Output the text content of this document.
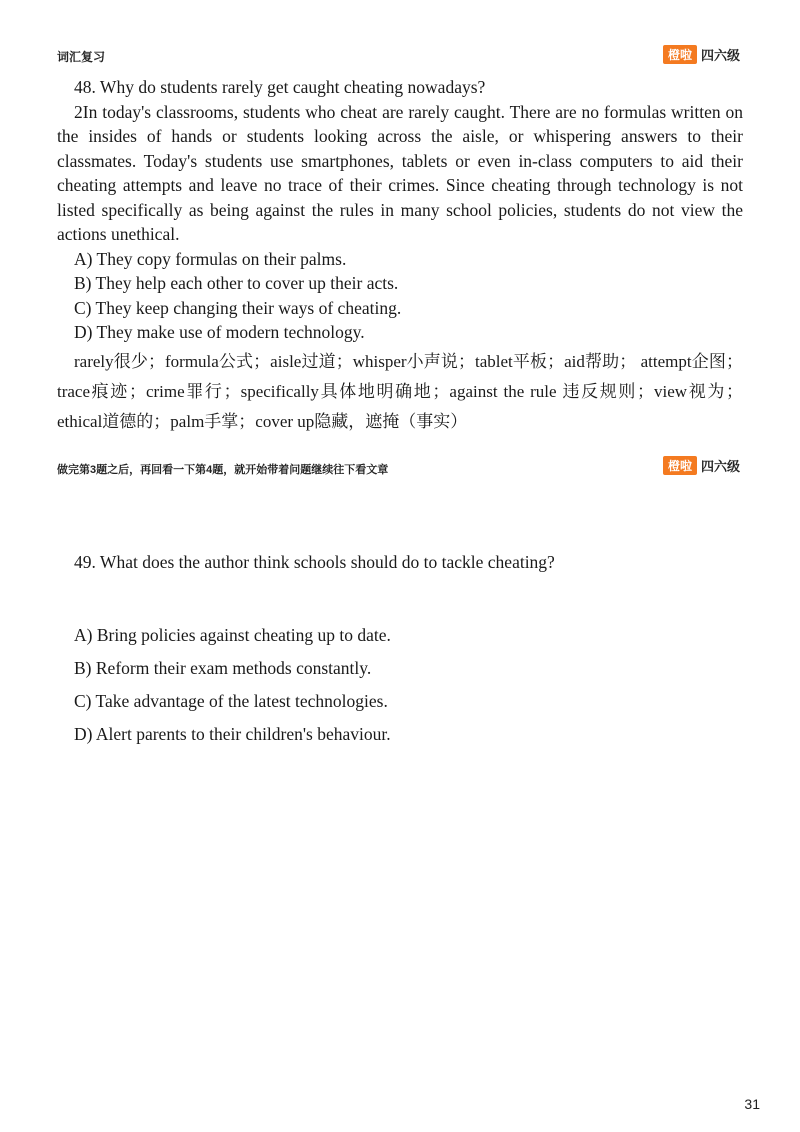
词汇复习	橙啦 四六级

48. Why do students rarely get caught cheating nowadays?

2In today's classrooms, students who cheat are rarely caught. There are no formulas written on the insides of hands or students looking across the aisle, or whispering answers to their classmates. Today's students use smartphones, tablets or even in-class computers to aid their cheating attempts and leave no trace of their crimes. Since cheating through technology is not listed specifically as being against the rules in many school policies, students do not view the actions unethical.

A) They copy formulas on their palms.

B) They help each other to cover up their acts.

C) They keep changing their ways of cheating.

D) They make use of modern technology.

rarely很少；formula公式；aisle过道；whisper小声说；tablet平板；aid帮助； attempt企图；trace痕迹；crime罪行；specifically具体地明确地；against the rule 违反规则；view视为；ethical道德的；palm手掌；cover up隐藏，遮掩（事实）
做完第3题之后，再回看一下第4题，就开始带着问题继续往下看文章	橙啦 四六级
49. What does the author think schools should do to tackle cheating?
A) Bring policies against cheating up to date.
B) Reform their exam methods constantly.
C) Take advantage of the latest technologies.
D) Alert parents to their children's behaviour.
31
